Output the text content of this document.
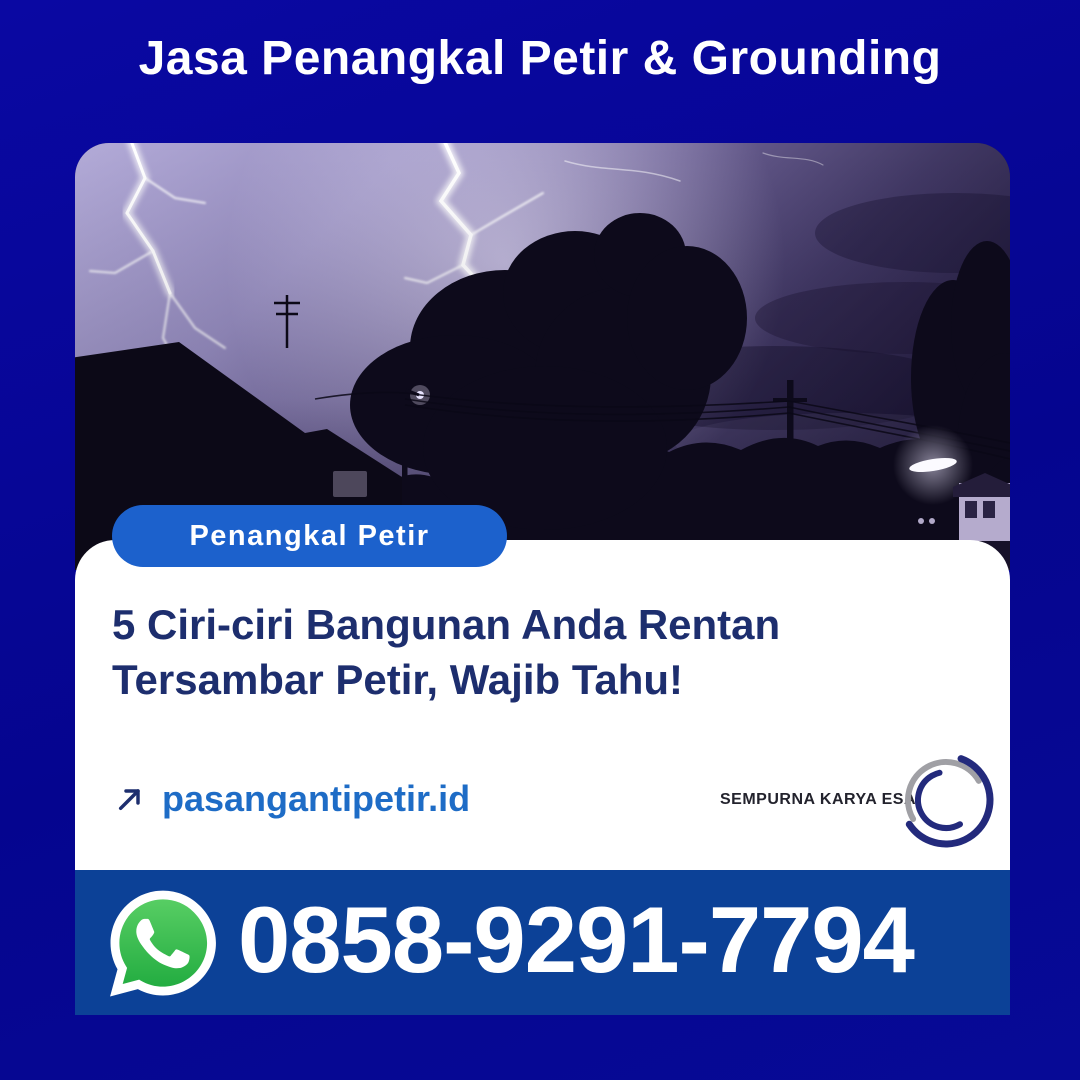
Jasa Penangkal Petir & Grounding
5 Ciri-ciri Bangunan Anda Rentan Tersambar Petir, Wajib Tahu!
pasangantipetir.id	SEMPURNA KARYA ESA
Penangkal Petir
0858-9291-7794
